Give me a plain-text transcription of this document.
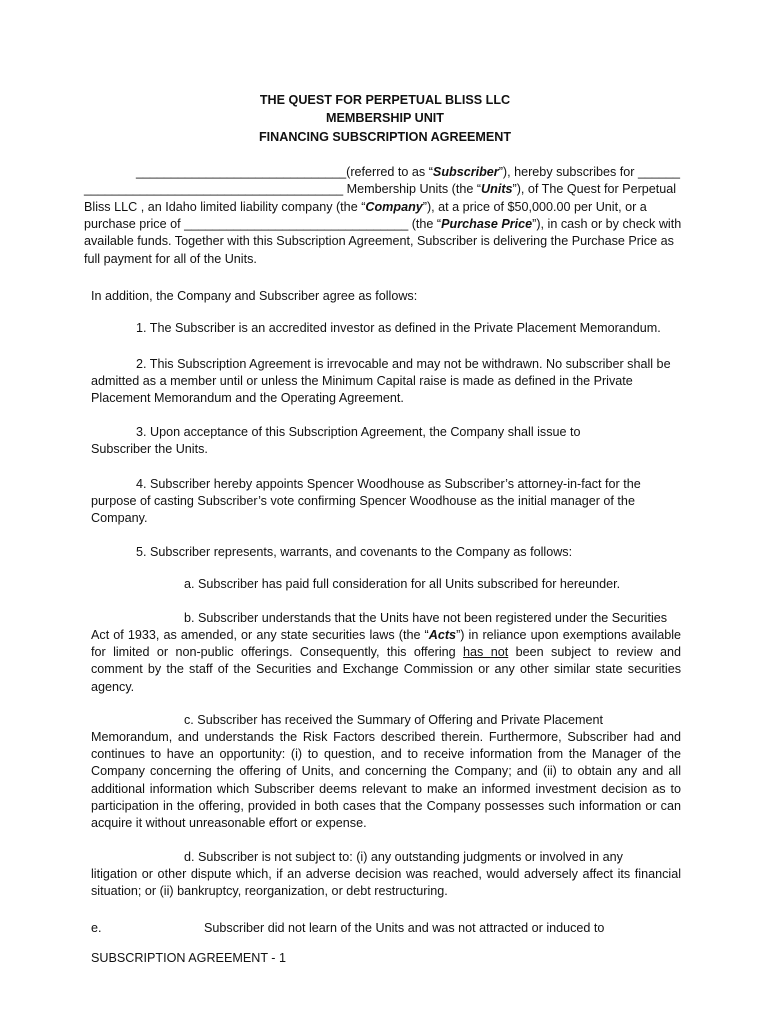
THE QUEST FOR PERPETUAL BLISS LLC

MEMBERSHIP UNIT

FINANCING SUBSCRIPTION AGREEMENT

______________________________(referred to as “Subscriber”), hereby subscribes for ______

_____________________________________ Membership Units (the “Units”), of The Quest for Perpetual

Bliss LLC , an Idaho limited liability company (the “Company”), at a price of $50,000.00 per Unit, or a

purchase price of ________________________________ (the “Purchase Price”), in cash or by check with

available funds. Together with this Subscription Agreement, Subscriber is delivering the Purchase Price as

full payment for all of the Units.

In addition, the Company and Subscriber agree as follows:

1. The Subscriber is an accredited investor as defined in the Private Placement Memorandum.

2. This Subscription Agreement is irrevocable and may not be withdrawn. No subscriber shall be

admitted as a member until or unless the Minimum Capital raise is made as defined in the Private Placement Memorandum and the Operating Agreement.

3. Upon acceptance of this Subscription Agreement, the Company shall issue to

Subscriber the Units.

4. Subscriber hereby appoints Spencer Woodhouse as Subscriber’s attorney-in-fact for the

purpose of casting Subscriber’s vote confirming Spencer Woodhouse as the initial manager of the Company.

5. Subscriber represents, warrants, and covenants to the Company as follows:

a. Subscriber has paid full consideration for all Units subscribed for hereunder.

b. Subscriber understands that the Units have not been registered under the Securities

Act of 1933, as amended, or any state securities laws (the “Acts”) in reliance upon exemptions available for limited or non-public offerings. Consequently, this offering has not been subject to review and comment by the staff of the Securities and Exchange Commission or any other similar state securities agency.

c. Subscriber has received the Summary of Offering and Private Placement

Memorandum, and understands the Risk Factors described therein. Furthermore, Subscriber had and continues to have an opportunity: (i) to question, and to receive information from the Manager of the Company concerning the offering of Units, and concerning the Company; and (ii) to obtain any and all additional information which Subscriber deems relevant to make an informed investment decision as to participation in the offering, provided in both cases that the Company possesses such information or can acquire it without unreasonable effort or expense.

d. Subscriber is not subject to: (i) any outstanding judgments or involved in any

litigation or other dispute which, if an adverse decision was reached, would adversely affect its financial situation; or (ii) bankruptcy, reorganization, or debt restructuring.

e.	Subscriber did not learn of the Units and was not attracted or induced to

SUBSCRIPTION AGREEMENT - 1
